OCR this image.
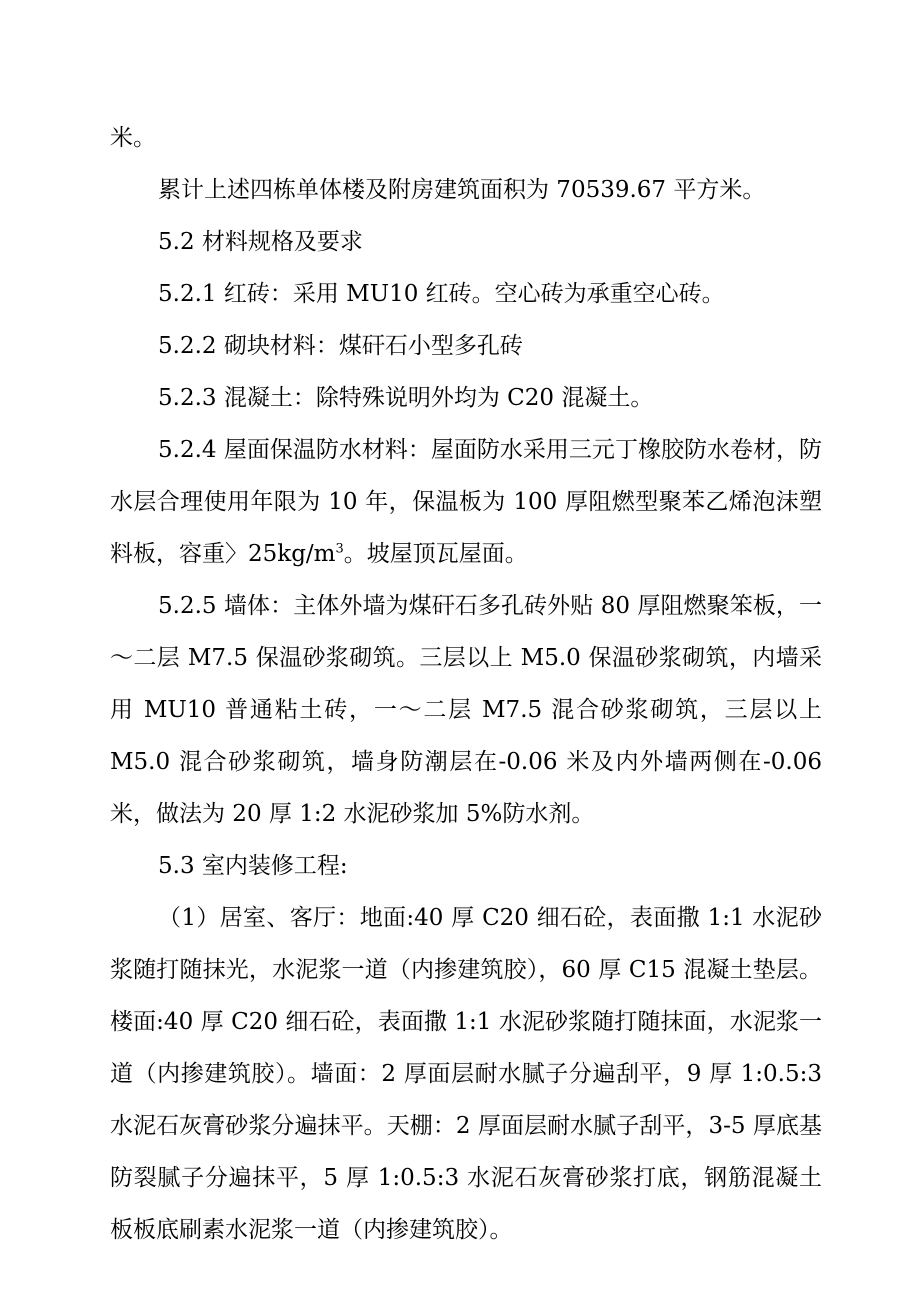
米。

累计上述四栋单体楼及附房建筑面积为 70539.67 平方米。

5.2 材料规格及要求

5.2.1 红砖：采用 MU10 红砖。空心砖为承重空心砖。

5.2.2 砌块材料：煤矸石小型多孔砖

5.2.3 混凝土：除特殊说明外均为 C20 混凝土。

5.2.4 屋面保温防水材料：屋面防水采用三元丁橡胶防水卷材，防水层合理使用年限为 10 年，保温板为 100 厚阻燃型聚苯乙烯泡沫塑料板，容重〉$25kg/m^3$。坡屋顶瓦屋面。

5.2.5 墙体：主体外墙为煤矸石多孔砖外贴 80 厚阻燃聚笨板，一～二层 M7.5 保温砂浆砌筑。三层以上 M5.0 保温砂浆砌筑，内墙采用 MU10 普通粘土砖，一～二层 M7.5 混合砂浆砌筑，三层以上 M5.0 混合砂浆砌筑，墙身防潮层在-0.06 米及内外墙两侧在-0.06 米，做法为 20 厚 1:2 水泥砂浆加 5%防水剂。

5.3 室内装修工程:

（1）居室、客厅：地面:40 厚 C20 细石砼，表面撒 1:1 水泥砂浆随打随抹光，水泥浆一道（内掺建筑胶），60 厚 C15 混凝土垫层。楼面:40 厚 C20 细石砼，表面撒 1:1 水泥砂浆随打随抹面，水泥浆一道（内掺建筑胶）。墙面：2 厚面层耐水腻子分遍刮平，9 厚 1:0.5:3 水泥石灰膏砂浆分遍抹平。天棚：2 厚面层耐水腻子刮平，3-5 厚底基防裂腻子分遍抹平，5 厚 1:0.5:3 水泥石灰膏砂浆打底，钢筋混凝土板板底刷素水泥浆一道（内掺建筑胶）。
